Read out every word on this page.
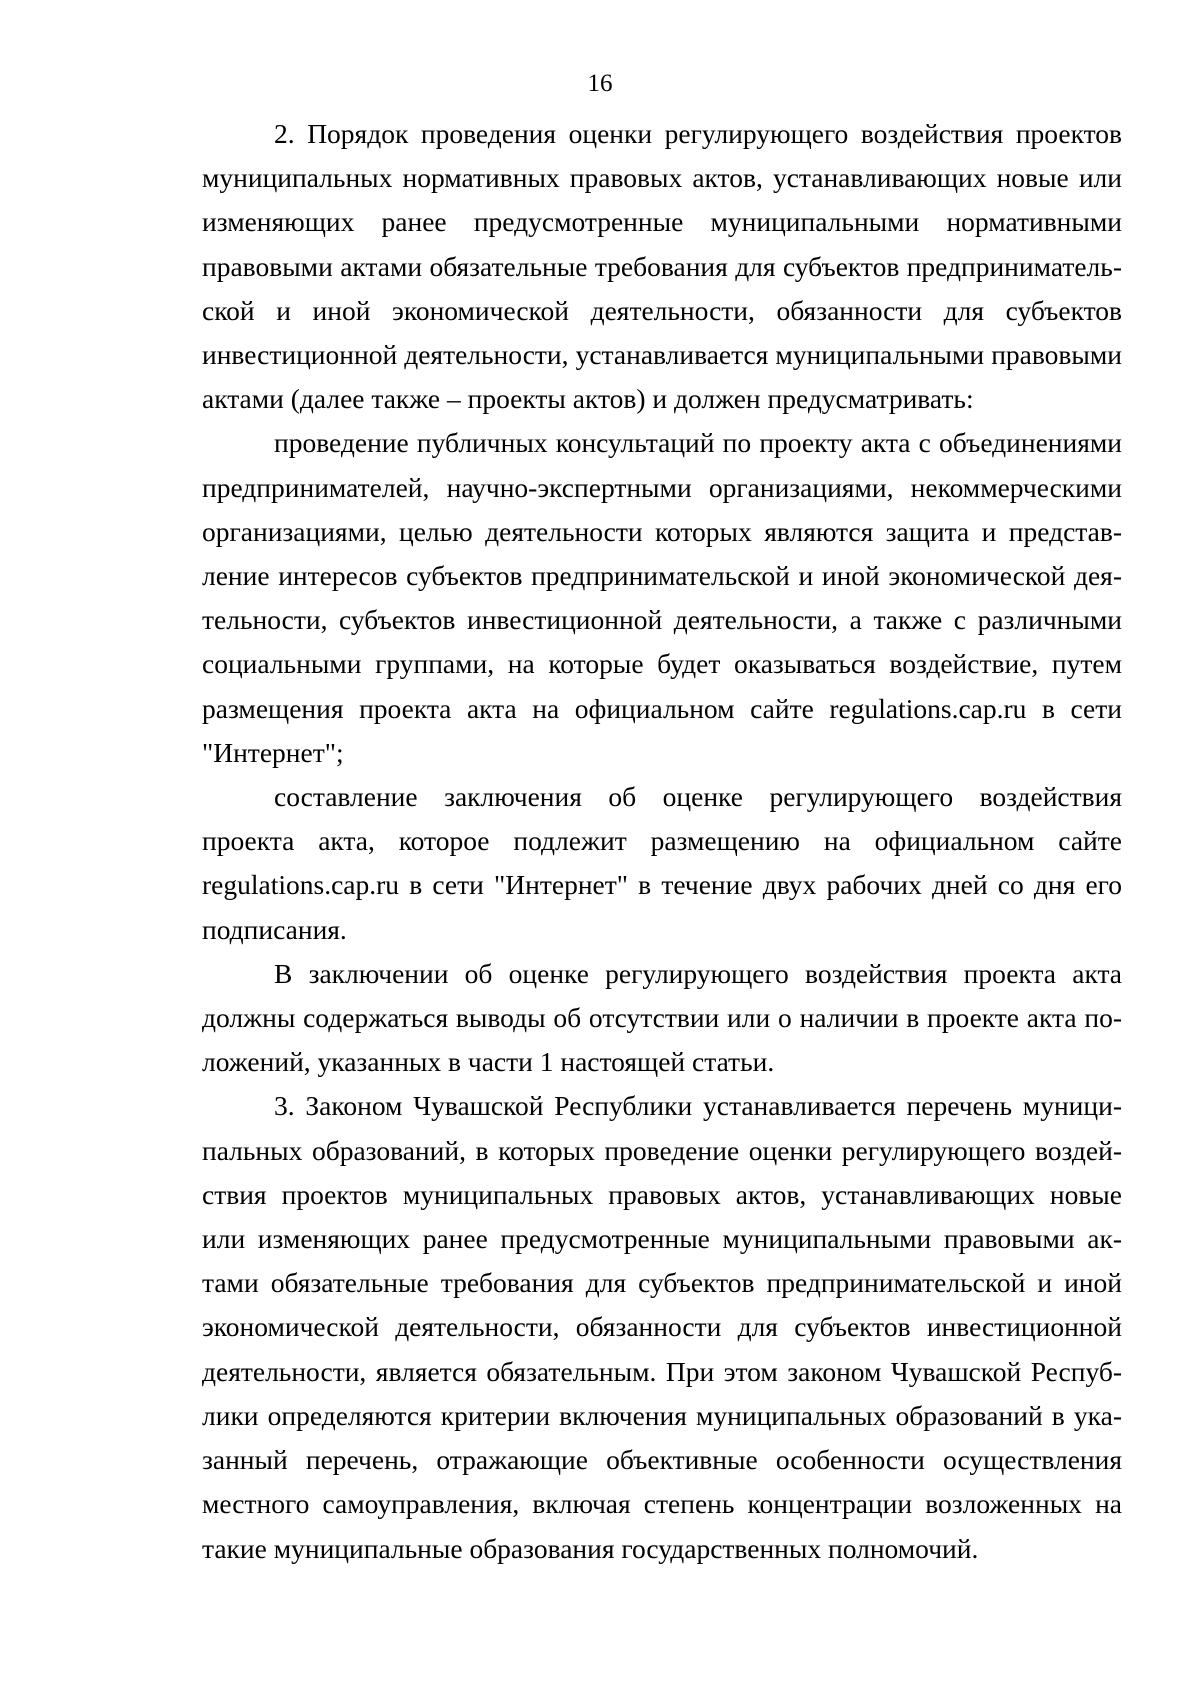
16

2. Порядок проведения оценки регулирующего воздействия проектов муниципальных нормативных правовых актов, устанавливающих новые или изменяющих ранее предусмотренные муниципальными нормативными правовыми актами обязательные требования для субъектов предпринимательской и иной экономической деятельности, обязанности для субъектов инвестиционной деятельности, устанавливается муниципальными правовыми актами (далее также – проекты актов) и должен предусматривать:

проведение публичных консультаций по проекту акта с объединениями предпринимателей, научно-экспертными организациями, некоммерческими организациями, целью деятельности которых являются защита и представление интересов субъектов предпринимательской и иной экономической деятельности, субъектов инвестиционной деятельности, а также с различными социальными группами, на которые будет оказываться воздействие, путем размещения проекта акта на официальном сайте regulations.cap.ru в сети "Интернет";

составление заключения об оценке регулирующего воздействия проекта акта, которое подлежит размещению на официальном сайте regulations.cap.ru в сети "Интернет" в течение двух рабочих дней со дня его подписания.

В заключении об оценке регулирующего воздействия проекта акта должны содержаться выводы об отсутствии или о наличии в проекте акта положений, указанных в части 1 настоящей статьи.

3. Законом Чувашской Республики устанавливается перечень муниципальных образований, в которых проведение оценки регулирующего воздействия проектов муниципальных правовых актов, устанавливающих новые или изменяющих ранее предусмотренные муниципальными правовыми актами обязательные требования для субъектов предпринимательской и иной экономической деятельности, обязанности для субъектов инвестиционной деятельности, является обязательным. При этом законом Чувашской Республики определяются критерии включения муниципальных образований в указанный перечень, отражающие объективные особенности осуществления местного самоуправления, включая степень концентрации возложенных на такие муниципальные образования государственных полномочий.
